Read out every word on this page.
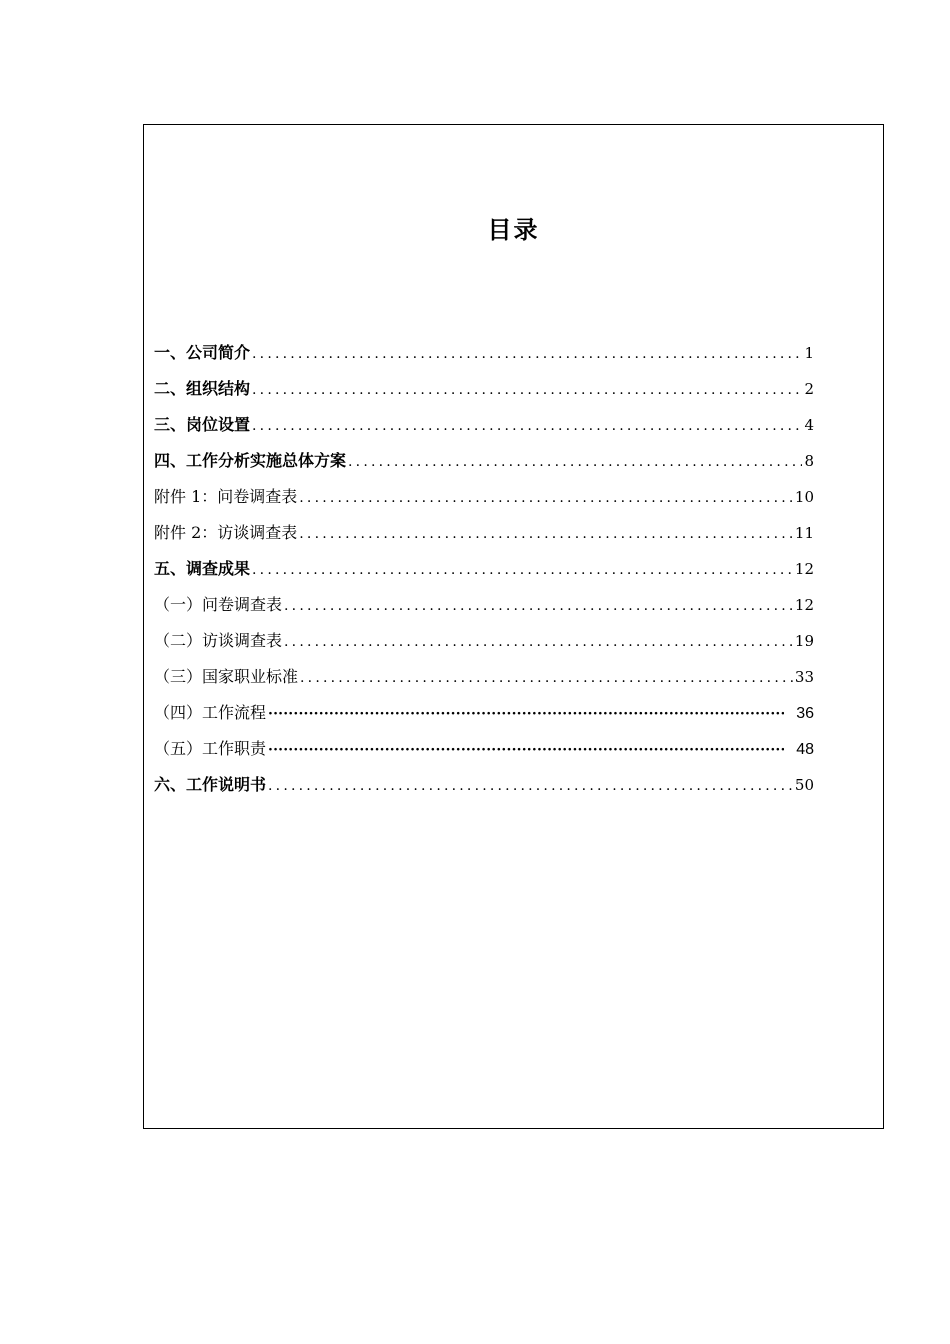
目录
一、公司简介 .....	1
二、组织结构 .....	2
三、岗位设置 .....	4
四、工作分析实施总体方案 .....	8
附件 1：问卷调查表 .....	10
附件 2：访谈调查表 .....	11
五、调查成果 .....	12
（一）问卷调查表 .....	12
（二）访谈调查表 .....	19
（三）国家职业标准 .....	33
（四）工作流程 ·····	36
（五）工作职责 ·····	48
六、工作说明书 .....	50
